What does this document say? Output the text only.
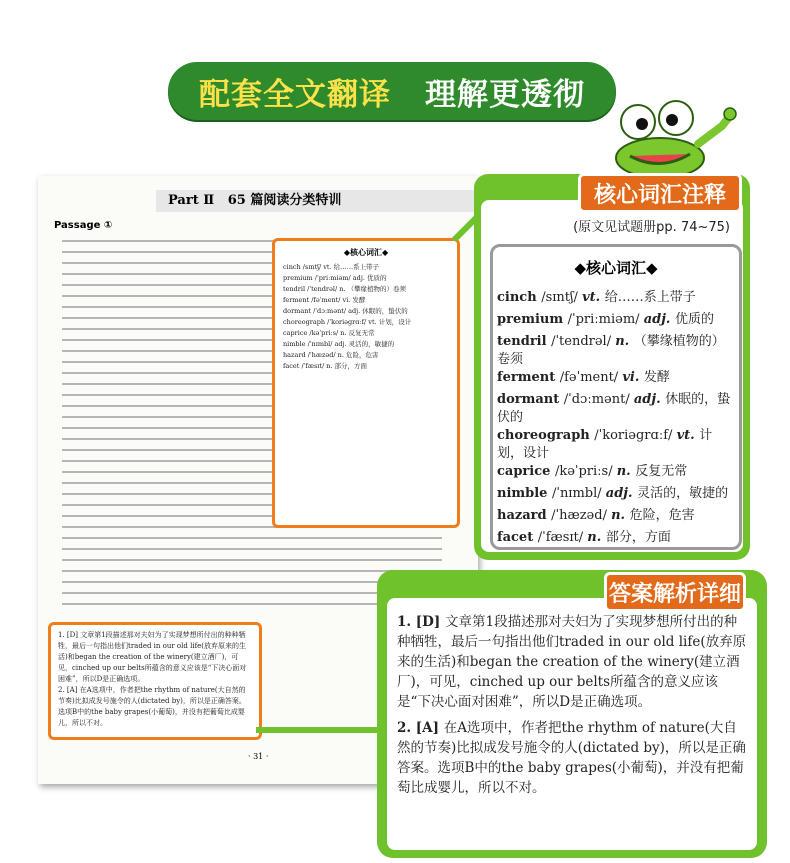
配套全文翻译 理解更透彻
Part Ⅱ 65 篇阅读分类特训
Passage ①
◆核心词汇◆
cinch /sɪntʃ/ vt. 给……系上带子
premium /ˈpriːmiəm/ adj. 优质的
tendril /ˈtendrəl/ n. （攀缘植物的）卷须
ferment /fəˈment/ vi. 发酵
dormant /ˈdɔːmənt/ adj. 休眠的，蛰伏的
choreograph /ˈkoriəgrɑːf/ vt. 计划，设计
caprice /kəˈpriːs/ n. 反复无常
nimble /ˈnɪmbl/ adj. 灵活的，敏捷的
hazard /ˈhæzəd/ n. 危险，危害
facet /ˈfæsɪt/ n. 部分，方面
1. [D] 文章第1段描述那对夫妇为了实现梦想所付出的种种牺牲，最后一句指出他们traded in our old life(放弃原来的生活)和began the creation of the winery(建立酒厂)，可见，cinched up our belts所蕴含的意义应该是“下决心面对困难”，所以D是正确选项。
2. [A] 在A选项中，作者把the rhythm of nature(大自然的节奏)比拟成发号施令的人(dictated by)，所以是正确答案。选项B中的the baby grapes(小葡萄)，并没有把葡萄比成婴儿，所以不对。
· 31 ·
核心词汇注释
(原文见试题册pp. 74~75)
◆核心词汇◆
cinch /sɪntʃ/ vt. 给……系上带子
premium /ˈpriːmiəm/ adj. 优质的
tendril /ˈtendrəl/ n. （攀缘植物的）卷须
ferment /fəˈment/ vi. 发酵
dormant /ˈdɔːmənt/ adj. 休眠的，蛰伏的
choreograph /ˈkoriəgrɑːf/ vt. 计划，设计
caprice /kəˈpriːs/ n. 反复无常
nimble /ˈnɪmbl/ adj. 灵活的，敏捷的
hazard /ˈhæzəd/ n. 危险，危害
facet /ˈfæsɪt/ n. 部分，方面
答案解析详细

1. [D] 文章第1段描述那对夫妇为了实现梦想所付出的种种牺牲，最后一句指出他们traded in our old life(放弃原来的生活)和began the creation of the winery(建立酒厂)，可见，cinched up our belts所蕴含的意义应该是“下决心面对困难”，所以D是正确选项。

2. [A] 在A选项中，作者把the rhythm of nature(大自然的节奏)比拟成发号施令的人(dictated by)，所以是正确答案。选项B中的the baby grapes(小葡萄)，并没有把葡萄比成婴儿，所以不对。
